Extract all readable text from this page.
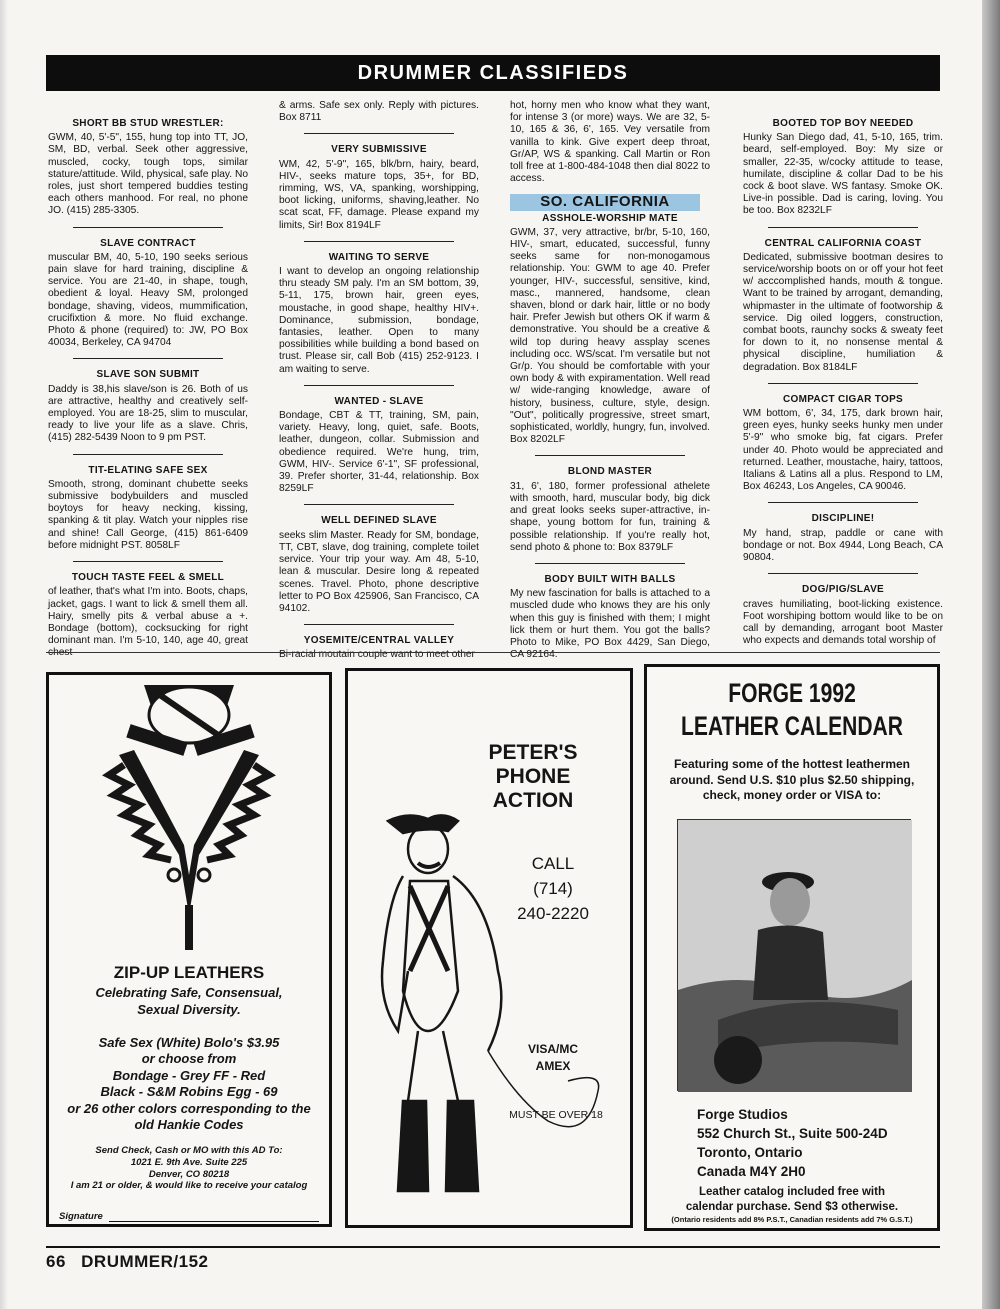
DRUMMER CLASSIFIEDS
SHORT BB STUD WRESTLER:
GWM, 40, 5'-5", 155, hung top into TT, JO, SM, BD, verbal. Seek other aggressive, muscled, cocky, tough tops, similar stature/attitude. Wild, physical, safe play. No roles, just short tempered buddies testing each others manhood. For real, no phone JO. (415) 285-3305.
SLAVE CONTRACT
muscular BM, 40, 5-10, 190 seeks serious pain slave for hard training, discipline & service. You are 21-40, in shape, tough, obedient & loyal. Heavy SM, prolonged bondage, shaving, videos, mummification, crucifixtion & more. No fluid exchange. Photo & phone (required) to: JW, PO Box 40034, Berkeley, CA 94704
SLAVE SON SUBMIT
Daddy is 38,his slave/son is 26. Both of us are attractive, healthy and creatively self-employed. You are 18-25, slim to muscular, ready to live your life as a slave. Chris, (415) 282-5439 Noon to 9 pm PST.
TIT-ELATING SAFE SEX
Smooth, strong, dominant chubette seeks submissive bodybuilders and muscled boytoys for heavy necking, kissing, spanking & tit play. Watch your nipples rise and shine! Call George, (415) 861-6409 before midnight PST. 8058LF
TOUCH TASTE FEEL & SMELL
of leather, that's what I'm into. Boots, chaps, jacket, gags. I want to lick & smell them all. Hairy, smelly pits & verbal abuse a +. Bondage (bottom), cocksucking for right dominant man. I'm 5-10, 140, age 40, great chest
& arms. Safe sex only. Reply with pictures. Box 8711
VERY SUBMISSIVE
WM, 42, 5'-9", 165, blk/brn, hairy, beard, HIV-, seeks mature tops, 35+, for BD, rimming, WS, VA, spanking, worshipping, boot licking, uniforms, shaving,leather. No scat scat, FF, damage. Please expand my limits, Sir! Box 8194LF
WAITING TO SERVE
I want to develop an ongoing relationship thru steady SM paly. I'm an SM bottom, 39, 5-11, 175, brown hair, green eyes, moustache, in good shape, healthy HIV+. Dominance, submission, bondage, fantasies, leather. Open to many possibilities while building a bond based on trust. Please sir, call Bob (415) 252-9123. I am waiting to serve.
WANTED - SLAVE
Bondage, CBT & TT, training, SM, pain, variety. Heavy, long, quiet, safe. Boots, leather, dungeon, collar. Submission and obedience required. We're hung, trim, GWM, HIV-. Service 6'-1", SF professional, 39. Prefer shorter, 31-44, relationship. Box 8259LF
WELL DEFINED SLAVE
seeks slim Master. Ready for SM, bondage, TT, CBT, slave, dog training, complete toilet service. Your trip your way. Am 48, 5-10, lean & muscular. Desire long & repeated scenes. Travel. Photo, phone descriptive letter to PO Box 425906, San Francisco, CA 94102.
YOSEMITE/CENTRAL VALLEY
Bi-racial moutain couple want to meet other
hot, horny men who know what they want, for intense 3 (or more) ways. We are 32, 5-10, 165 & 36, 6', 165. Vey versatile from vanilla to kink. Give expert deep throat, Gr/AP, WS & spanking. Call Martin or Ron toll free at 1-800-484-1048 then dial 8022 to access.
SO. CALIFORNIA
ASSHOLE-WORSHIP MATE
GWM, 37, very attractive, br/br, 5-10, 160, HIV-, smart, educated, successful, funny seeks same for non-monogamous relationship. You: GWM to age 40. Prefer younger, HIV-, successful, sensitive, kind, masc., mannered, handsome, clean shaven, blond or dark hair, little or no body hair. Prefer Jewish but others OK if warm & demonstrative. You should be a creative & wild top during heavy assplay scenes including occ. WS/scat. I'm versatile but not Gr/p. You should be comfortable with your own body & with expiramentation. Well read w/ wide-ranging knowledge, aware of history, business, culture, style, design. "Out", politically progressive, street smart, sophisticated, worldly, hungry, fun, involved. Box 8202LF
BLOND MASTER
31, 6', 180, former professional athelete with smooth, hard, muscular body, big dick and great looks seeks super-attractive, in-shape, young bottom for fun, training & possible relationship. If you're really hot, send photo & phone to: Box 8379LF
BODY BUILT WITH BALLS
My new fascination for balls is attached to a muscled dude who knows they are his only when this guy is finished with them; I might lick them or hurt them. You got the balls? Photo to Mike, PO Box 4429, San Diego, CA 92164.
BOOTED TOP BOY NEEDED
Hunky San Diego dad, 41, 5-10, 165, trim. beard, self-employed. Boy: My size or smaller, 22-35, w/cocky attitude to tease, humilate, discipline & collar Dad to be his cock & boot slave. WS fantasy. Smoke OK. Live-in possible. Dad is caring, loving. You be too. Box 8232LF
CENTRAL CALIFORNIA COAST
Dedicated, submissive bootman desires to service/worship boots on or off your hot feet w/ acccomplished hands, mouth & tongue. Want to be trained by arrogant, demanding, whipmaster in the ultimate of footworship & service. Dig oiled loggers, construction, combat boots, raunchy socks & sweaty feet for down to it, no nonsense mental & physical discipline, humiliation & degradation. Box 8184LF
COMPACT CIGAR TOPS
WM bottom, 6', 34, 175, dark brown hair, green eyes, hunky seeks hunky men under 5'-9" who smoke big, fat cigars. Prefer under 40. Photo would be appreciated and returned. Leather, moustache, hairy, tattoos, Italians & Latins all a plus. Respond to LM, Box 46243, Los Angeles, CA 90046.
DISCIPLINE!
My hand, strap, paddle or cane with bondage or not. Box 4944, Long Beach, CA 90804.
DOG/PIG/SLAVE
craves humiliating, boot-licking existence. Foot worshiping bottom would like to be on call by demanding, arrogant boot Master who expects and demands total worship of
ZIP-UP LEATHERS
Celebrating Safe, Consensual,
Sexual Diversity.

Safe Sex (White) Bolo's $3.95
or choose from
Bondage - Grey FF - Red
Black - S&M Robins Egg - 69
or 26 other colors corresponding to the
old Hankie Codes
Send Check, Cash or MO with this AD To:
1021 E. 9th Ave. Suite 225
Denver, CO 80218
I am 21 or older, & would like to receive your catalog
Signature
PETER'S
PHONE
ACTION
CALL
(714)
240-2220
VISA/MC
AMEX
MUST BE OVER 18
FORGE 1992
LEATHER CALENDAR
Featuring some of the hottest leathermen around. Send U.S. $10 plus $2.50 shipping, check, money order or VISA to:
Forge Studios
552 Church St., Suite 500-24D
Toronto, Ontario
Canada M4Y 2H0
Leather catalog included free with
calendar purchase. Send $3 otherwise.
(Ontario residents add 8% P.S.T., Canadian residents add 7% G.S.T.)
66 DRUMMER/152
